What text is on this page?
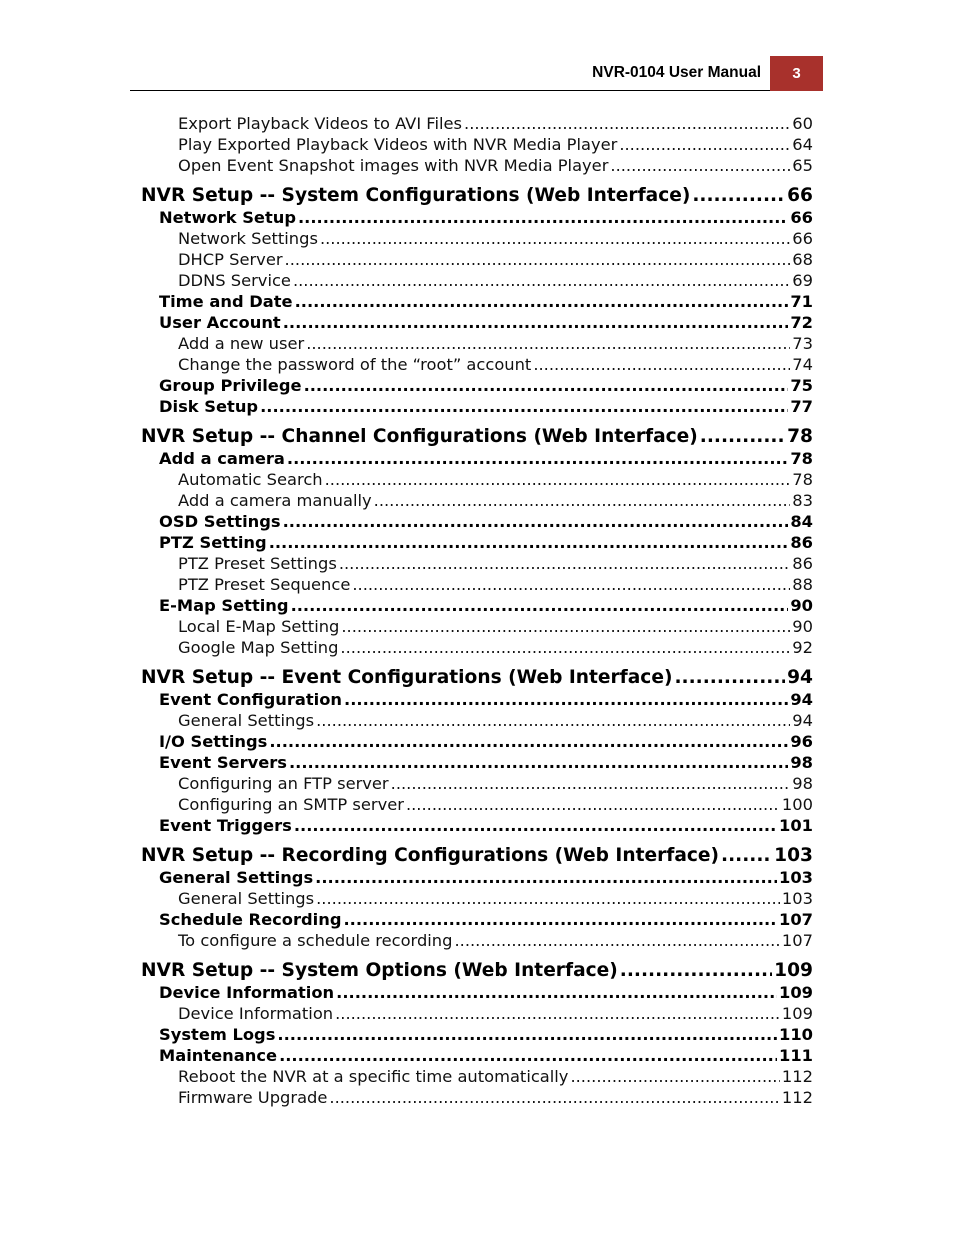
NVR-0104 User Manual	3
Export Playback Videos to AVI Files .....	60
Play Exported Playback Videos with NVR Media Player .....	64
Open Event Snapshot images with NVR Media Player .....	65
NVR Setup -- System Configurations (Web Interface) .....	66
Network Setup .....	66
Network Settings .....	66
DHCP Server .....	68
DDNS Service .....	69
Time and Date .....	71
User Account .....	72
Add a new user .....	73
Change the password of the “root” account .....	74
Group Privilege .....	75
Disk Setup .....	77
NVR Setup -- Channel Configurations (Web Interface) .....	78
Add a camera .....	78
Automatic Search .....	78
Add a camera manually .....	83
OSD Settings .....	84
PTZ Setting .....	86
PTZ Preset Settings .....	86
PTZ Preset Sequence .....	88
E-Map Setting .....	90
Local E-Map Setting .....	90
Google Map Setting .....	92
NVR Setup -- Event Configurations (Web Interface) .....	94
Event Configuration .....	94
General Settings .....	94
I/O Settings .....	96
Event Servers .....	98
Configuring an FTP server .....	98
Configuring an SMTP server .....	100
Event Triggers .....	101
NVR Setup -- Recording Configurations (Web Interface) .....	103
General Settings .....	103
General Settings .....	103
Schedule Recording .....	107
To configure a schedule recording .....	107
NVR Setup -- System Options (Web Interface) .....	109
Device Information .....	109
Device Information .....	109
System Logs .....	110
Maintenance .....	111
Reboot the NVR at a specific time automatically .....	112
Firmware Upgrade .....	112
